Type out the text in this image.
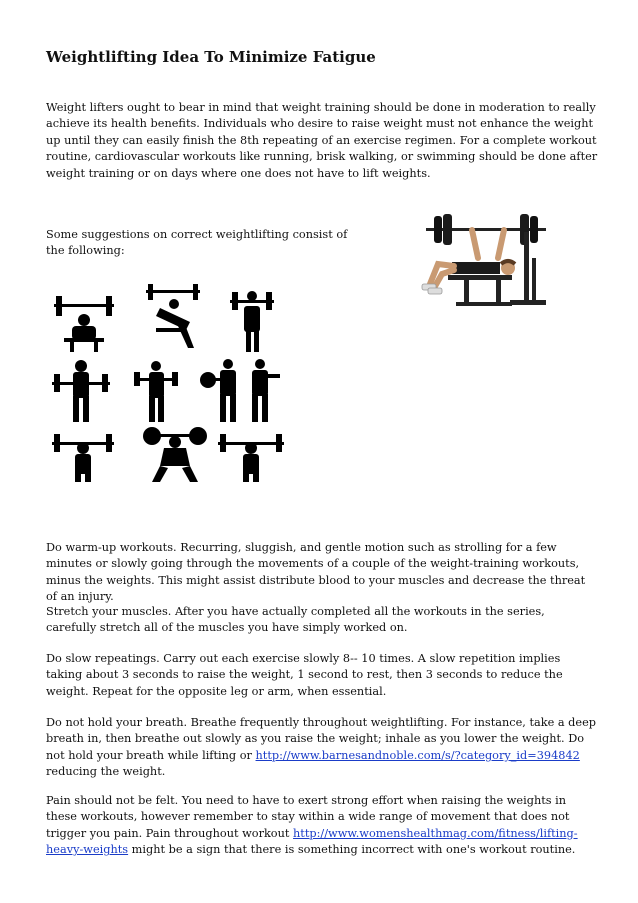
Weightlifting Idea To Minimize Fatigue

Weight lifters ought to bear in mind that weight training should be done in moderation to really achieve its health benefits. Individuals who desire to raise weight must not enhance the weight up until they can easily finish the 8th repeating of an exercise regimen. For a complete workout routine, cardiovascular workouts like running, brisk walking, or swimming should be done after weight training or on days where one does not have to lift weights.

Some suggestions on correct weightlifting consist of the following:

Do warm-up workouts. Recurring, sluggish, and gentle motion such as strolling for a few minutes or slowly going through the movements of a couple of the weight-training workouts, minus the weights. This might assist distribute blood to your muscles and decrease the threat of an injury.

Stretch your muscles. After you have actually completed all the workouts in the series, carefully stretch all of the muscles you have simply worked on.

Do slow repeatings. Carry out each exercise slowly 8-- 10 times. A slow repetition implies taking about 3 seconds to raise the weight, 1 second to rest, then 3 seconds to reduce the weight. Repeat for the opposite leg or arm, when essential.

Do not hold your breath. Breathe frequently throughout weightlifting. For instance, take a deep breath in, then breathe out slowly as you raise the weight; inhale as you lower the weight. Do not hold your breath while lifting or http://www.barnesandnoble.com/s/?category_id=394842 reducing the weight.

Pain should not be felt. You need to have to exert strong effort when raising the weights in these workouts, however remember to stay within a wide range of movement that does not trigger you pain. Pain throughout workout http://www.womenshealthmag.com/fitness/lifting-heavy-weights might be a sign that there is something incorrect with one's workout routine.
